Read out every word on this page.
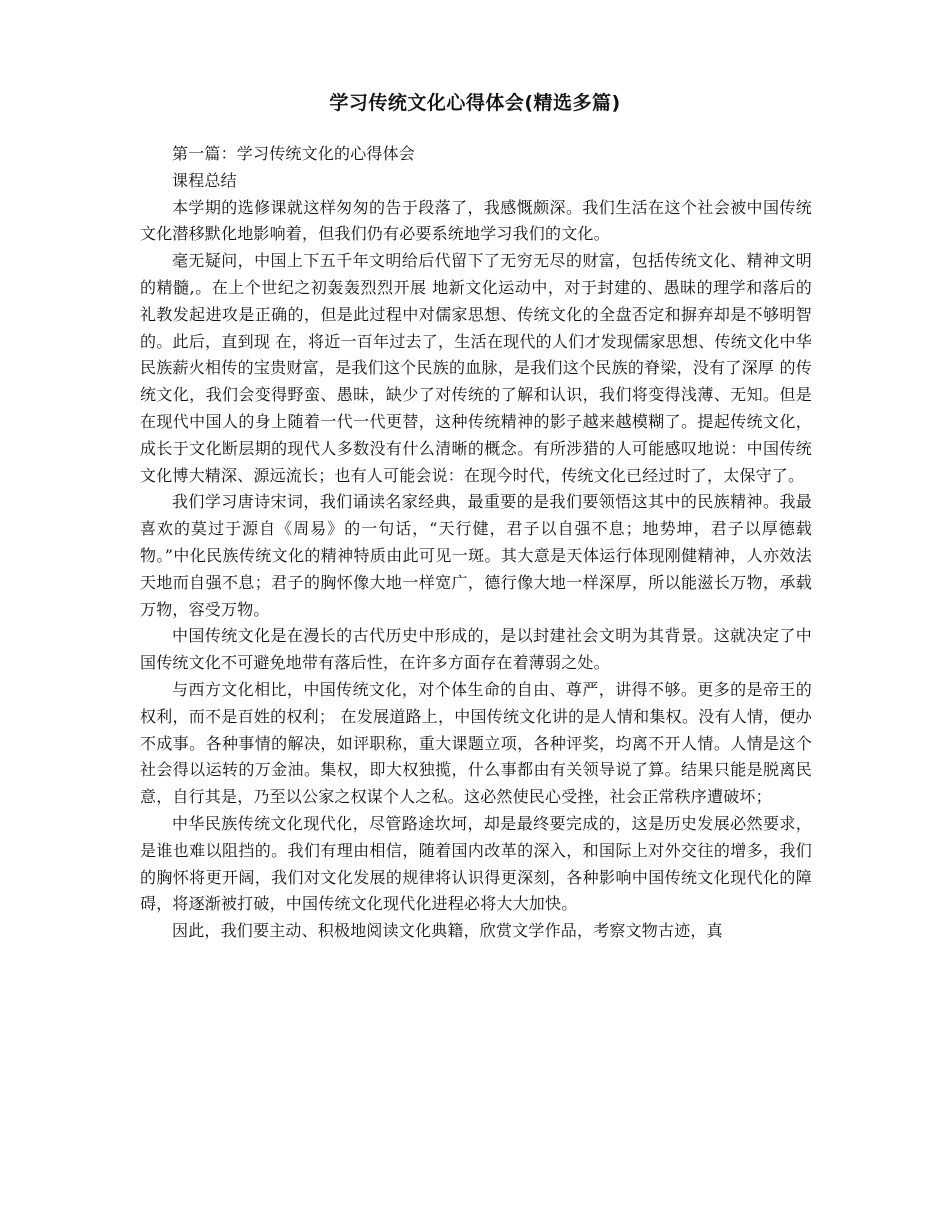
学习传统文化心得体会(精选多篇)

第一篇：学习传统文化的心得体会

课程总结

本学期的选修课就这样匆匆的告于段落了，我感慨颇深。我们生活在这个社会被中国传统文化潜移默化地影响着，但我们仍有必要系统地学习我们的文化。

毫无疑问，中国上下五千年文明给后代留下了无穷无尽的财富，包括传统文化、精神文明的精髓,。在上个世纪之初轰轰烈烈开展 地新文化运动中，对于封建的、愚昧的理学和落后的礼教发起进攻是正确的，但是此过程中对儒家思想、传统文化的全盘否定和摒弃却是不够明智的。此后，直到现 在，将近一百年过去了，生活在现代的人们才发现儒家思想、传统文化中华民族薪火相传的宝贵财富，是我们这个民族的血脉，是我们这个民族的脊梁，没有了深厚 的传统文化，我们会变得野蛮、愚昧，缺少了对传统的了解和认识，我们将变得浅薄、无知。但是在现代中国人的身上随着一代一代更替，这种传统精神的影子越来越模糊了。提起传统文化，成长于文化断层期的现代人多数没有什么清晰的概念。有所涉猎的人可能感叹地说：中国传统文化博大精深、源远流长；也有人可能会说：在现今时代，传统文化已经过时了，太保守了。

我们学习唐诗宋词，我们诵读名家经典，最重要的是我们要领悟这其中的民族精神。我最喜欢的莫过于源自《周易》的一句话，“天行健，君子以自强不息；地势坤，君子以厚德载物。”中化民族传统文化的精神特质由此可见一斑。其大意是天体运行体现刚健精神，人亦效法天地而自强不息；君子的胸怀像大地一样宽广，德行像大地一样深厚，所以能滋长万物，承载万物，容受万物。

中国传统文化是在漫长的古代历史中形成的，是以封建社会文明为其背景。这就决定了中国传统文化不可避免地带有落后性，在许多方面存在着薄弱之处。

与西方文化相比，中国传统文化，对个体生命的自由、尊严，讲得不够。更多的是帝王的权利，而不是百姓的权利； 在发展道路上，中国传统文化讲的是人情和集权。没有人情，便办不成事。各种事情的解决，如评职称，重大课题立项，各种评奖，均离不开人情。人情是这个社会得以运转的万金油。集权，即大权独揽，什么事都由有关领导说了算。结果只能是脱离民意，自行其是，乃至以公家之权谋个人之私。这必然使民心受挫，社会正常秩序遭破坏；

中华民族传统文化现代化，尽管路途坎坷，却是最终要完成的，这是历史发展必然要求，是谁也难以阻挡的。我们有理由相信，随着国内改革的深入，和国际上对外交往的增多，我们的胸怀将更开阔，我们对文化发展的规律将认识得更深刻，各种影响中国传统文化现代化的障碍，将逐渐被打破，中国传统文化现代化进程必将大大加快。

因此，我们要主动、积极地阅读文化典籍，欣赏文学作品，考察文物古迹，真
